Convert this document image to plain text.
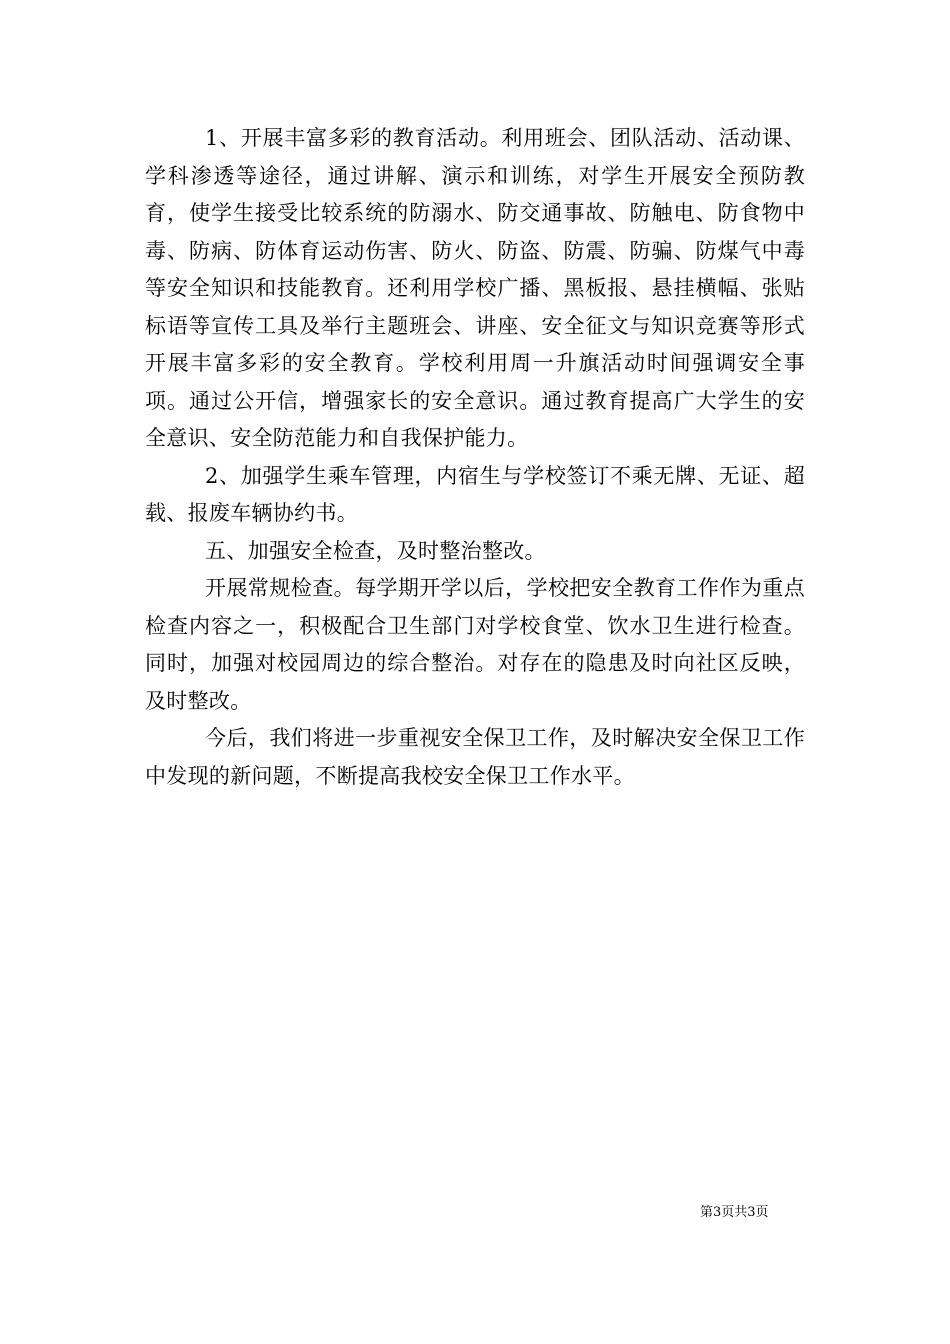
1、开展丰富多彩的教育活动。利用班会、团队活动、活动课、学科渗透等途径，通过讲解、演示和训练，对学生开展安全预防教育，使学生接受比较系统的防溺水、防交通事故、防触电、防食物中毒、防病、防体育运动伤害、防火、防盗、防震、防骗、防煤气中毒等安全知识和技能教育。还利用学校广播、黑板报、悬挂横幅、张贴标语等宣传工具及举行主题班会、讲座、安全征文与知识竞赛等形式开展丰富多彩的安全教育。学校利用周一升旗活动时间强调安全事项。通过公开信，增强家长的安全意识。通过教育提高广大学生的安全意识、安全防范能力和自我保护能力。

2、加强学生乘车管理，内宿生与学校签订不乘无牌、无证、超载、报废车辆协约书。

五、加强安全检查，及时整治整改。

开展常规检查。每学期开学以后，学校把安全教育工作作为重点检查内容之一，积极配合卫生部门对学校食堂、饮水卫生进行检查。同时，加强对校园周边的综合整治。对存在的隐患及时向社区反映，及时整改。

今后，我们将进一步重视安全保卫工作，及时解决安全保卫工作中发现的新问题，不断提高我校安全保卫工作水平。

第3页共3页
